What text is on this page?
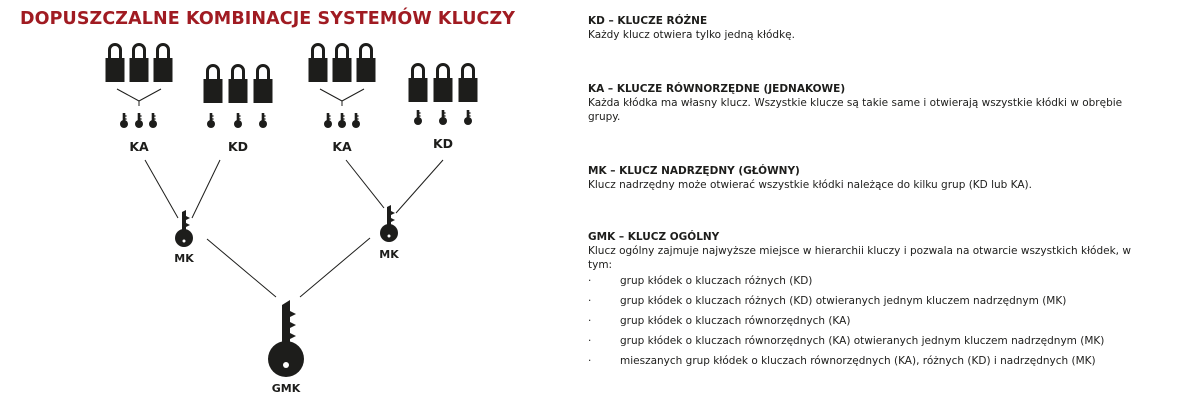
DOPUSZCZALNE KOMBINACJE SYSTEMÓW KLUCZY
KA	KD	KA	KD
MK	MK
GMK
KD – KLUCZE RÓŻNE

Każdy klucz otwiera tylko jedną kłódkę.

KA – KLUCZE RÓWNORZĘDNE (JEDNAKOWE)

Każda kłódka ma własny klucz. Wszystkie klucze są takie same i otwierają wszystkie kłódki w obrębie grupy.

MK – KLUCZ NADRZĘDNY (GŁÓWNY)

Klucz nadrzędny może otwierać wszystkie kłódki należące do kilku grup (KD lub KA).

GMK – KLUCZ OGÓLNY

Klucz ogólny zajmuje najwyższe miejsce w hierarchii kluczy i pozwala na otwarcie wszystkich kłódek, w tym:

·	grup kłódek o kluczach różnych (KD)
·	grup kłódek o kluczach różnych (KD) otwieranych jednym kluczem nadrzędnym (MK)
·	grup kłódek o kluczach równorzędnych (KA)
·	grup kłódek o kluczach równorzędnych (KA) otwieranych jednym kluczem nadrzędnym (MK)
·	mieszanych grup kłódek o kluczach równorzędnych (KA), różnych (KD) i nadrzędnych (MK)
